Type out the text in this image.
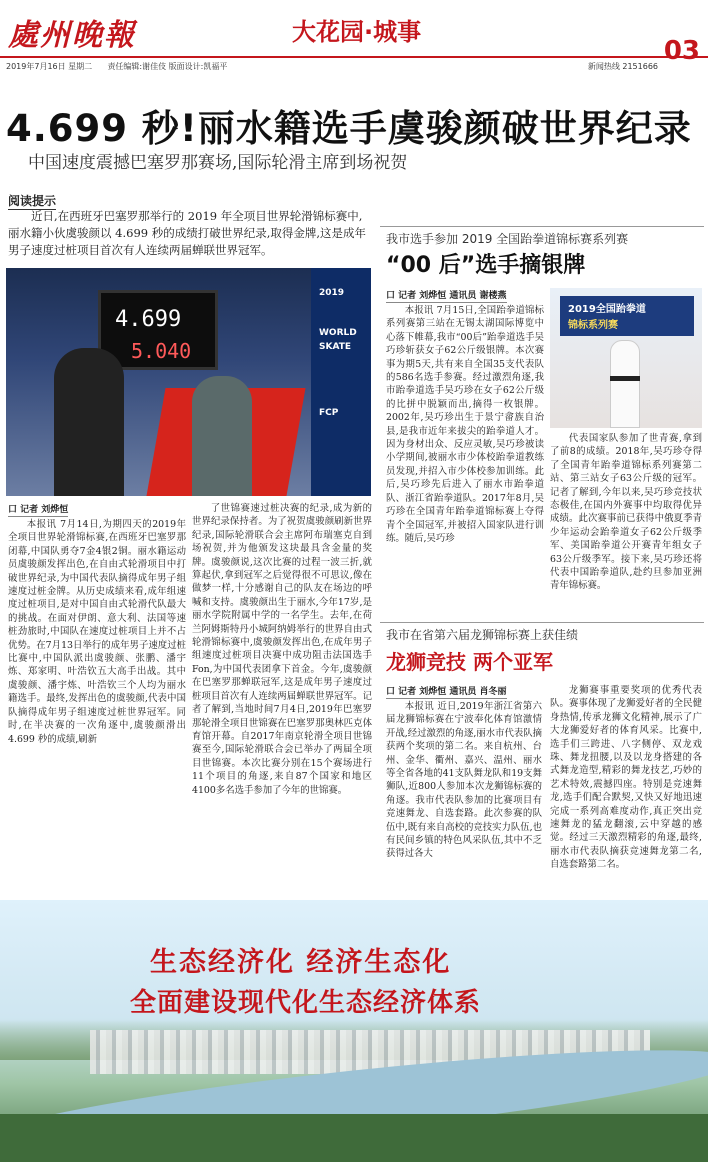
處州晚報	大花园·城事
03
2019年7月16日 星期二 责任编辑:谢佳伎 版面设计:凯福平	新闻热线 2151666
4.699 秒!丽水籍选手虞骏颜破世界纪录
中国速度震撼巴塞罗那赛场,国际轮滑主席到场祝贺
阅读提示
近日,在西班牙巴塞罗那举行的 2019 年全项目世界轮滑锦标赛中,丽水籍小伙虞骏颜以 4.699 秒的成绩打破世界纪录,取得金牌,这是成年男子速度过桩项目首次有人连续两届蝉联世界冠军。
4.699
5.040
2019
WORLD
SKATE
FCP
口 记者 刘烨恒

本报讯 7月14日,为期四天的2019年全项目世界轮滑锦标赛,在西班牙巴塞罗那闭幕,中国队勇夺7金4银2铜。丽水籍运动员虞骏颜发挥出色,在自由式轮滑项目中打破世界纪录,为中国代表队摘得成年男子组速度过桩金牌。从历史成绩来看,成年组速度过桩项目,是对中国自由式轮滑代队最大的挑战。在面对伊朗、意大利、法国等速桩劲旅时,中国队在速度过桩项目上并不占优势。在7月13日举行的成年男子速度过桩比赛中,中国队派出虞骏颜、张鹏、潘宇炼、郑家明、叶浩钦五大高手出战。其中虞骏颜、潘宇炼、叶浩钦三个人均为丽水籍选手。最终,发挥出色的虞骏颜,代表中国队摘得成年男子组速度过桩世界冠军。同时,在半决赛的一次角逐中,虞骏颜滑出 4.699 秒的成绩,刷新

了世锦赛速过桩决赛的纪录,成为新的世界纪录保持者。为了祝贺虞骏颜刷新世界纪录,国际轮滑联合会主席阿布瑞塞克自到场祝贺,并为他颁发这块最具含金量的奖牌。虞骏颜说,这次比赛的过程一波三折,就算起伏,拿到冠军之后觉得很不可思议,像在做梦一样,十分感谢自己的队友在场边的呼喊和支持。虞骏颜出生于丽水,今年17岁,是丽水学院附属中学的一名学生。去年,在荷兰阿姆斯特丹小城阿纳姆举行的世界自由式轮滑锦标赛中,虞骏颜发挥出色,在成年男子组速度过桩项目决赛中成功阻击法国选手Fon,为中国代表团拿下首金。今年,虞骏颜在巴塞罗那蝉联冠军,这是成年男子速度过桩项目首次有人连续两届蝉联世界冠军。记者了解到,当地时间7月4日,2019年巴塞罗那轮滑全项目世锦赛在巴塞罗那奥林匹克体育馆开幕。自2017年南京轮滑全项目世锦赛至今,国际轮滑联合会已举办了两届全项目世锦赛。本次比赛分别在15个赛场进行11个项目的角逐,来自87个国家和地区4100多名选手参加了今年的世锦赛。

我市选手参加 2019 全国跆拳道锦标赛系列赛
“00 后”选手摘银牌
口 记者 刘烨恒 通讯员 谢楼燕

本报讯 7月15日,全国跆拳道锦标系列赛第三站在无锡太湖国际博览中心落下帷幕,我市“00后”跆拳道选手吴巧珍斩获女子62公斤级银牌。本次赛事为期5天,共有来自全国35支代表队的586名选手参赛。经过激烈角逐,我市跆拳道选手吴巧珍在女子62公斤级的比拼中脱颖而出,摘得一枚银牌。2002年,吴巧珍出生于景宁畲族自治县,是我市近年来拔尖的跆拳道人才。因为身材出众、反应灵敏,吴巧珍被读小学期间,被丽水市少体校跆拳道教练员发现,并招入市少体校参加训练。此后,吴巧珍先后进入了丽水市跆拳道队、浙江省跆拳道队。2017年8月,吴巧珍在全国青年跆拳道锦标赛上夺得青个全国冠军,并被招入国家队进行训练。随后,吴巧珍

2019全国跆拳道
锦标系列赛

代表国家队参加了世青赛,拿到了前8的成绩。2018年,吴巧珍夺得了全国青年跆拳道锦标系列赛第二站、第三站女子63公斤级的冠军。记者了解到,今年以来,吴巧珍竞技状态极佳,在国内外赛事中均取得优异成绩。此次赛事前已获得中俄夏季青少年运动会跆拳道女子62公斤级季军、美国跆拳道公开赛青年组女子63公斤级季军。接下来,吴巧珍还将代表中国跆拳道队,赴约旦参加亚洲青年锦标赛。

我市在省第六届龙狮锦标赛上获佳绩
龙狮竞技 两个亚军
口 记者 刘烨恒 通讯员 肖冬丽

本报讯 近日,2019年浙江省第六届龙狮锦标赛在宁波奉化体育馆激情开战,经过激烈的角逐,丽水市代表队摘获两个奖项的第二名。来自杭州、台州、金华、衢州、嘉兴、温州、丽水等全省各地的41支队舞龙队和19支舞狮队,近800人参加本次龙狮锦标赛的角逐。我市代表队参加的比赛项目有竞速舞龙、自选套路。此次参赛的队伍中,既有来自高校的竞技实力队伍,也有民间乡镇的特色风采队伍,其中不乏获得过各大

龙狮赛事重要奖项的优秀代表队。赛事体现了龙狮爱好者的全民健身热情,传承龙狮文化精神,展示了广大龙狮爱好者的体育风采。比赛中,选手们三跨进、八字侧停、双龙戏珠、舞龙扭腰,以及以龙身搭建的各式舞龙造型,精彩的舞龙技艺,巧妙的艺术特效,震撼四座。特别是竞速舞龙,选手们配合默契,又快又好地迅速完成一系列高难度动作,真正突出竞速舞龙的猛龙翻滚,云中穿越的感觉。经过三天激烈精彩的角逐,最终,丽水市代表队摘获竞速舞龙第二名,自选套路第二名。

生态经济化 经济生态化
全面建设现代化生态经济体系
